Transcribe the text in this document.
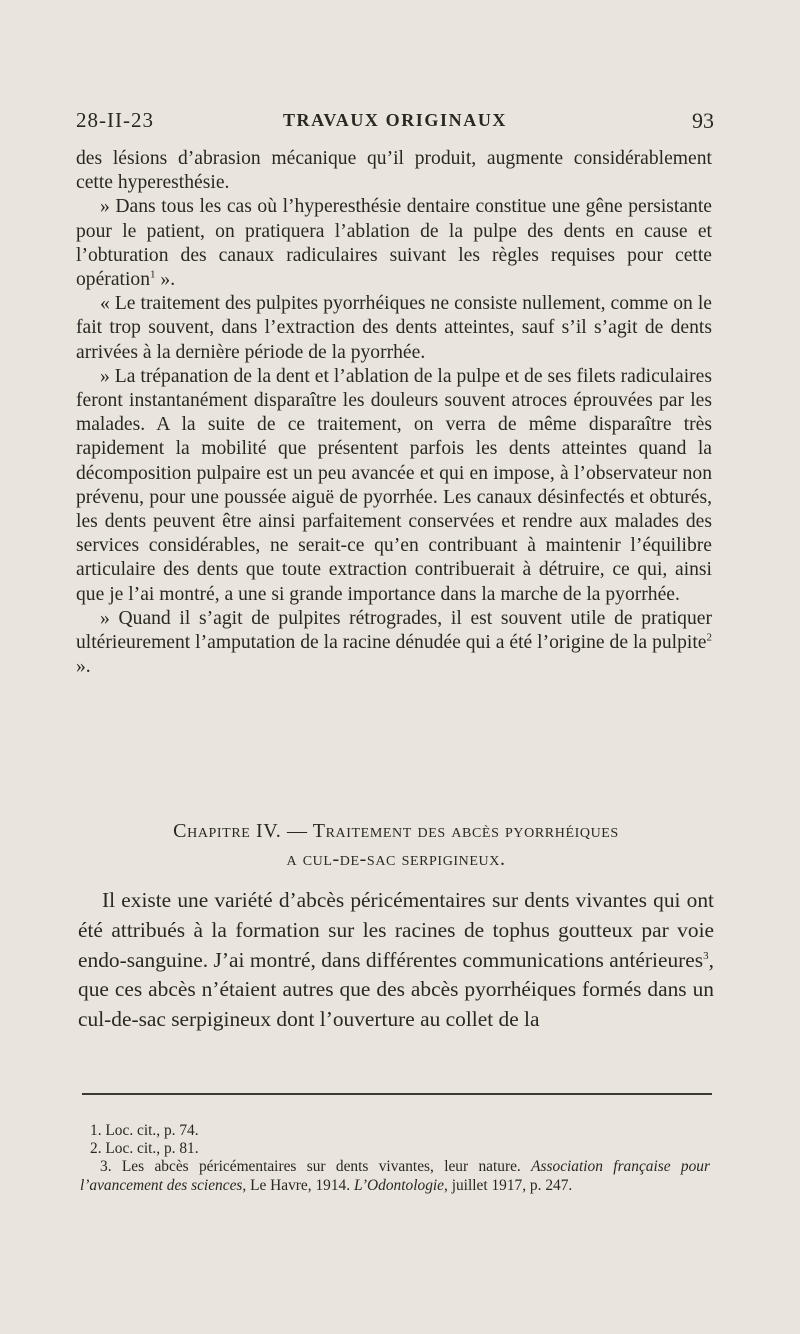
28-II-23	TRAVAUX ORIGINAUX	93

des lésions d’abrasion mécanique qu’il produit, augmente considérablement cette hyperesthésie.

» Dans tous les cas où l’hyperesthésie dentaire constitue une gêne persistante pour le patient, on pratiquera l’ablation de la pulpe des dents en cause et l’obturation des canaux radiculaires suivant les règles requises pour cette opération$^1$ ».

« Le traitement des pulpites pyorrhéiques ne consiste nullement, comme on le fait trop souvent, dans l’extraction des dents atteintes, sauf s’il s’agit de dents arrivées à la dernière période de la pyorrhée.

» La trépanation de la dent et l’ablation de la pulpe et de ses filets radiculaires feront instantanément disparaître les douleurs souvent atroces éprouvées par les malades. A la suite de ce traitement, on verra de même disparaître très rapidement la mobilité que présentent parfois les dents atteintes quand la décomposition pulpaire est un peu avancée et qui en impose, à l’observateur non prévenu, pour une poussée aiguë de pyorrhée. Les canaux désinfectés et obturés, les dents peuvent être ainsi parfaitement conservées et rendre aux malades des services considérables, ne serait-ce qu’en contribuant à maintenir l’équilibre articulaire des dents que toute extraction contribuerait à détruire, ce qui, ainsi que je l’ai montré, a une si grande importance dans la marche de la pyorrhée.

» Quand il s’agit de pulpites rétrogrades, il est souvent utile de pratiquer ultérieurement l’amputation de la racine dénudée qui a été l’origine de la pulpite$^2$ ».

Chapitre IV. — Traitement des abcès pyorrhéiques
a cul-de-sac serpigineux.

Il existe une variété d’abcès péricémentaires sur dents vivantes qui ont été attribués à la formation sur les racines de tophus goutteux par voie endo-sanguine. J’ai montré, dans différentes communications antérieures$^3$, que ces abcès n’étaient autres que des abcès pyorrhéiques formés dans un cul-de-sac serpigineux dont l’ouverture au collet de la

1. Loc. cit., p. 74.
2. Loc. cit., p. 81.
3. Les abcès péricémentaires sur dents vivantes, leur nature. Association française pour l’avancement des sciences, Le Havre, 1914. L’Odontologie, juillet 1917, p. 247.
